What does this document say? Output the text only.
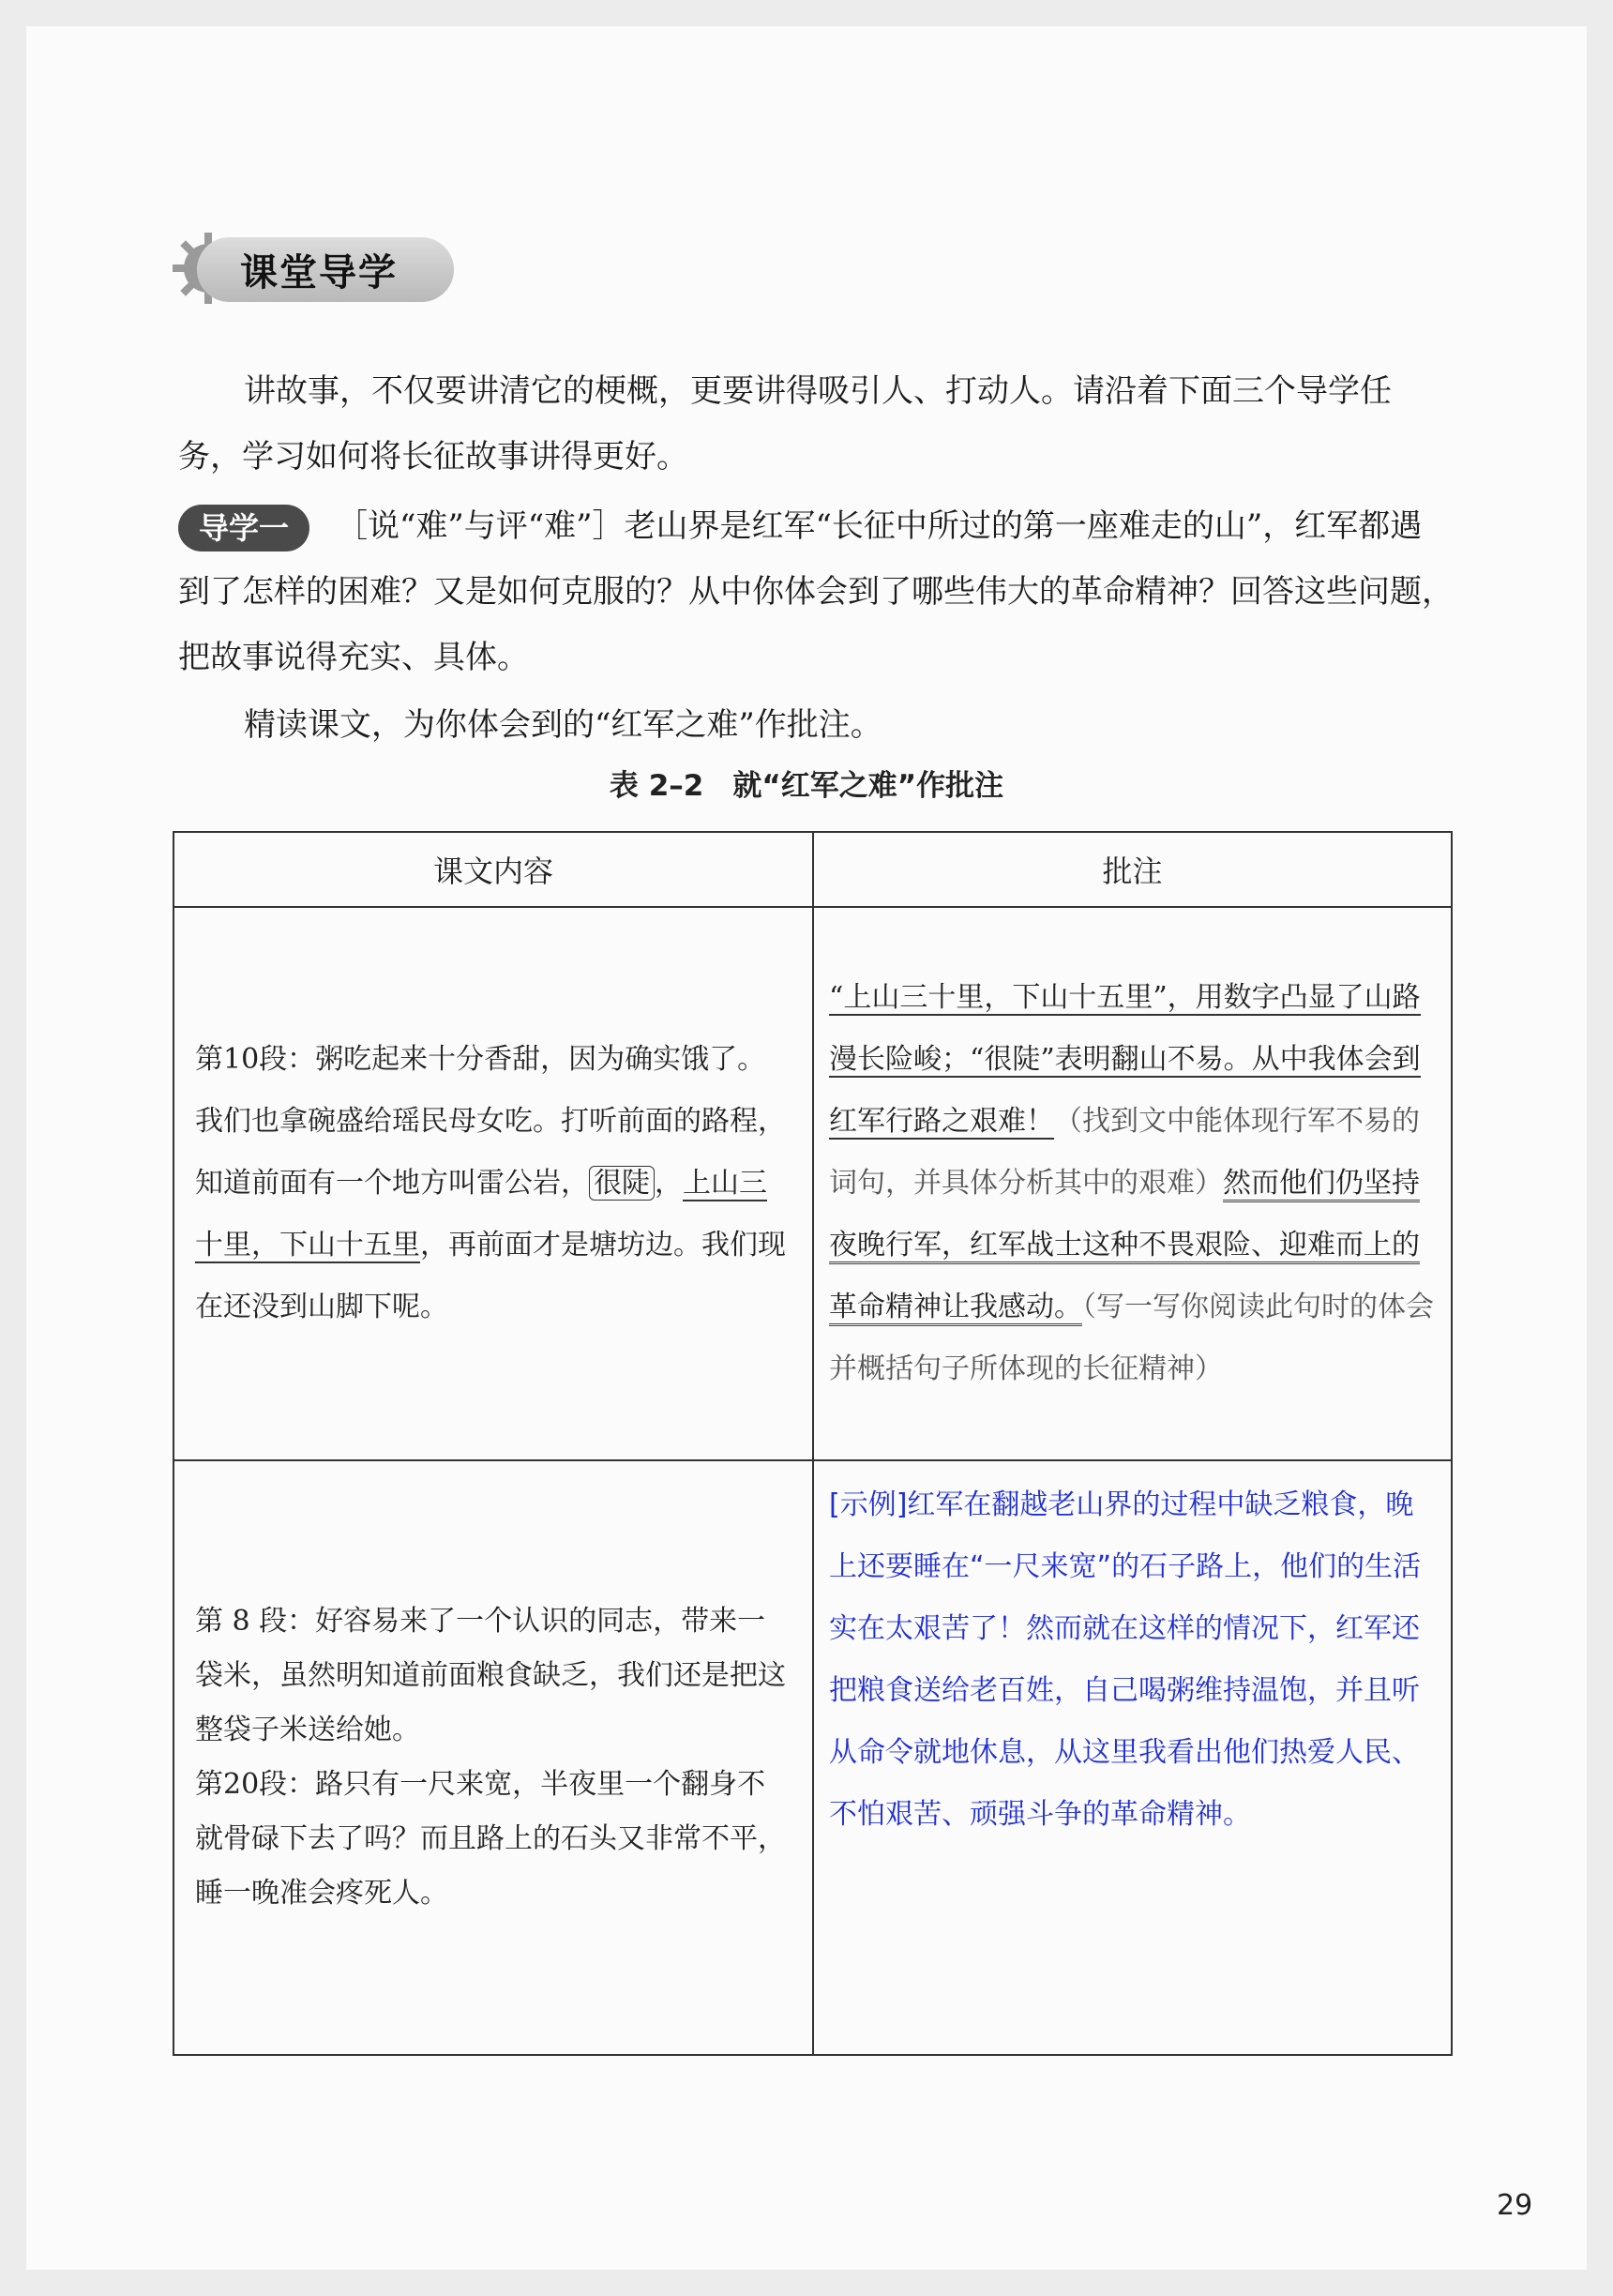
课堂导学
讲故事，不仅要讲清它的梗概，更要讲得吸引人、打动人。请沿着下面三个导学任务，学习如何将长征故事讲得更好。
导学一 ［说“难”与评“难”］老山界是红军“长征中所过的第一座难走的山”，红军都遇到了怎样的困难？又是如何克服的？从中你体会到了哪些伟大的革命精神？回答这些问题，把故事说得充实、具体。
精读课文，为你体会到的“红军之难”作批注。
表 2–2　就“红军之难”作批注
课文内容	批注
第10段：粥吃起来十分香甜，因为确实饿了。我们也拿碗盛给瑶民母女吃。打听前面的路程，知道前面有一个地方叫雷公岩， 很陡 ，上山三十里，下山十五里，再前面才是塘坊边。我们现在还没到山脚下呢。	“上山三十里，下山十五里”，用数字凸显了山路漫长险峻；“很陡”表明翻山不易。从中我体会到红军行路之艰难！（找到文中能体现行军不易的词句，并具体分析其中的艰难）然而他们仍坚持夜晚行军，红军战士这种不畏艰险、迎难而上的革命精神让我感动。（写一写你阅读此句时的体会并概括句子所体现的长征精神）

第 8 段：好容易来了一个认识的同志，带来一袋米，虽然明知道前面粮食缺乏，我们还是把这整袋子米送给她。
第20段：路只有一尺来宽，半夜里一个翻身不就骨碌下去了吗？而且路上的石头又非常不平，睡一晚准会疼死人。	[示例]红军在翻越老山界的过程中缺乏粮食，晚上还要睡在“一尺来宽”的石子路上，他们的生活实在太艰苦了！然而就在这样的情况下，红军还把粮食送给老百姓，自己喝粥维持温饱，并且听从命令就地休息，从这里我看出他们热爱人民、不怕艰苦、顽强斗争的革命精神。
29
